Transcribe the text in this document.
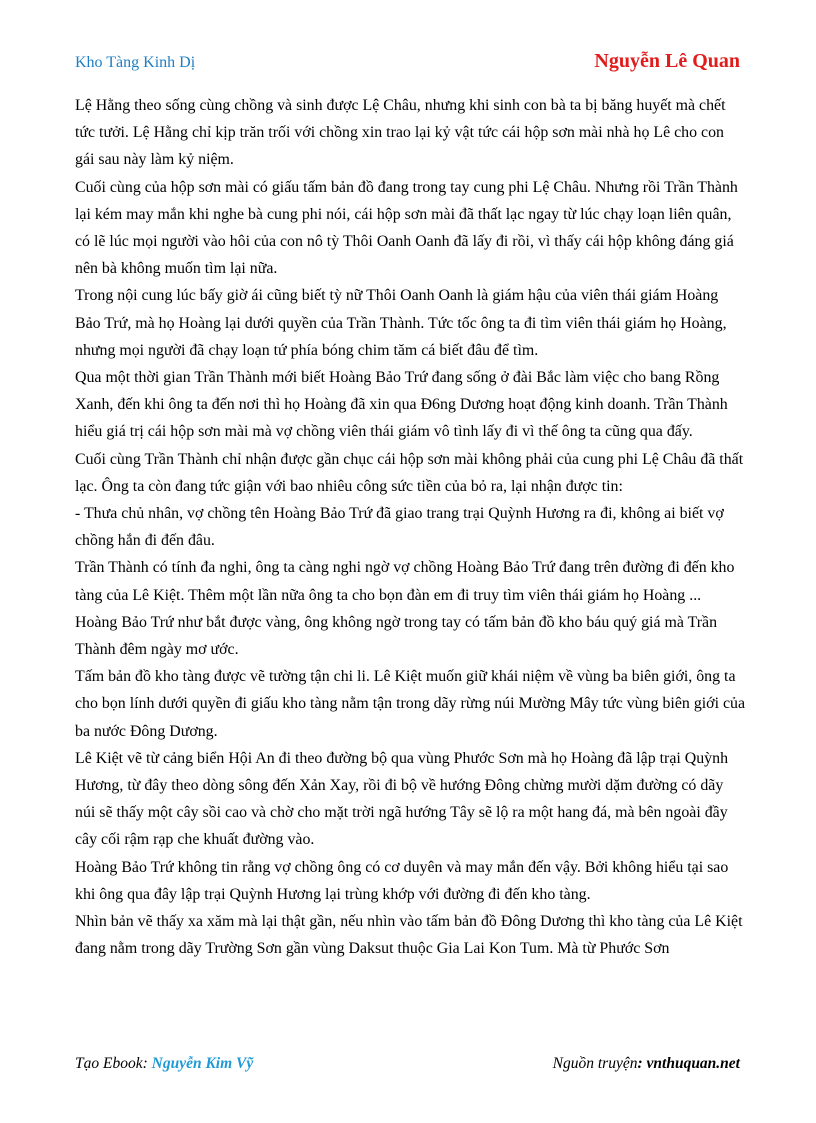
Kho Tàng Kinh Dị	Nguyễn Lê Quan

Lệ Hằng theo sống cùng chồng và sinh được Lệ Châu, nhưng khi sinh con bà ta bị băng huyết mà chết tức tưởi. Lệ Hằng chỉ kịp trăn trối với chồng xin trao lại kỷ vật tức cái hộp sơn mài nhà họ Lê cho con gái sau này làm kỷ niệm.

Cuối cùng của hộp sơn mài có giấu tấm bản đồ đang trong tay cung phi Lệ Châu. Nhưng rồi Trần Thành lại kém may mắn khi nghe bà cung phi nói, cái hộp sơn mài đã thất lạc ngay từ lúc chạy loạn liên quân, có lẽ lúc mọi người vào hôi của con nô tỳ Thôi Oanh Oanh đã lấy đi rồi, vì thấy cái hộp không đáng giá nên bà không muốn tìm lại nữa.

Trong nội cung lúc bấy giờ ái cũng biết tỳ nữ Thôi Oanh Oanh là giám hậu của viên thái giám Hoàng Bảo Trứ, mà họ Hoàng lại dưới quyền của Trần Thành. Tức tốc ông ta đi tìm viên thái giám họ Hoàng, nhưng mọi người đã chạy loạn tứ phía bóng chim tăm cá biết đâu để tìm.

Qua một thời gian Trần Thành mới biết Hoàng Bảo Trứ đang sống ở đài Bắc làm việc cho bang Rồng Xanh, đến khi ông ta đến nơi thì họ Hoàng đã xin qua Đ6ng Dương hoạt động kinh doanh. Trần Thành hiểu giá trị cái hộp sơn mài mà vợ chồng viên thái giám vô tình lấy đi vì thế ông ta cũng qua đấy.

Cuối cùng Trần Thành chỉ nhận được gần chục cái hộp sơn mài không phải của cung phi Lệ Châu đã thất lạc. Ông ta còn đang tức giận với bao nhiêu công sức tiền của bỏ ra, lại nhận được tin:

- Thưa chủ nhân, vợ chồng tên Hoàng Bảo Trứ đã giao trang trại Quỳnh Hương ra đi, không ai biết vợ chồng hắn đi đến đâu.

Trần Thành có tính đa nghi, ông ta càng nghi ngờ vợ chồng Hoàng Bảo Trứ đang trên đường đi đến kho tàng của Lê Kiệt. Thêm một lần nữa ông ta cho bọn đàn em đi truy tìm viên thái giám họ Hoàng ...

Hoàng Bảo Trứ như bắt được vàng, ông không ngờ trong tay có tấm bản đồ kho báu quý giá mà Trần Thành đêm ngày mơ ước.

Tấm bản đồ kho tàng được vẽ tường tận chi li. Lê Kiệt muốn giữ khái niệm về vùng ba biên giới, ông ta cho bọn lính dưới quyền đi giấu kho tàng nằm tận trong dãy rừng núi Mường Mây tức vùng biên giới của ba nước Đông Dương.

Lê Kiệt vẽ từ cảng biển Hội An đi theo đường bộ qua vùng Phước Sơn mà họ Hoàng đã lập trại Quỳnh Hương, từ đây theo dòng sông đến Xản Xay, rồi đi bộ về hướng Đông chừng mười dặm đường có dãy núi sẽ thấy một cây sồi cao và chờ cho mặt trời ngã hướng Tây sẽ lộ ra một hang đá, mà bên ngoài đầy cây cối rậm rạp che khuất đường vào.

Hoàng Bảo Trứ không tin rằng vợ chồng ông có cơ duyên và may mắn đến vậy. Bởi không hiểu tại sao khi ông qua đây lập trại Quỳnh Hương lại trùng khớp với đường đi đến kho tàng.

Nhìn bản vẽ thấy xa xăm mà lại thật gần, nếu nhìn vào tấm bản đồ Đông Dương thì kho tàng của Lê Kiệt đang nằm trong dãy Trường Sơn gần vùng Daksut thuộc Gia Lai Kon Tum. Mà từ Phước Sơn

Tạo Ebook: Nguyễn Kim Vỹ	Nguồn truyện: vnthuquan.net
